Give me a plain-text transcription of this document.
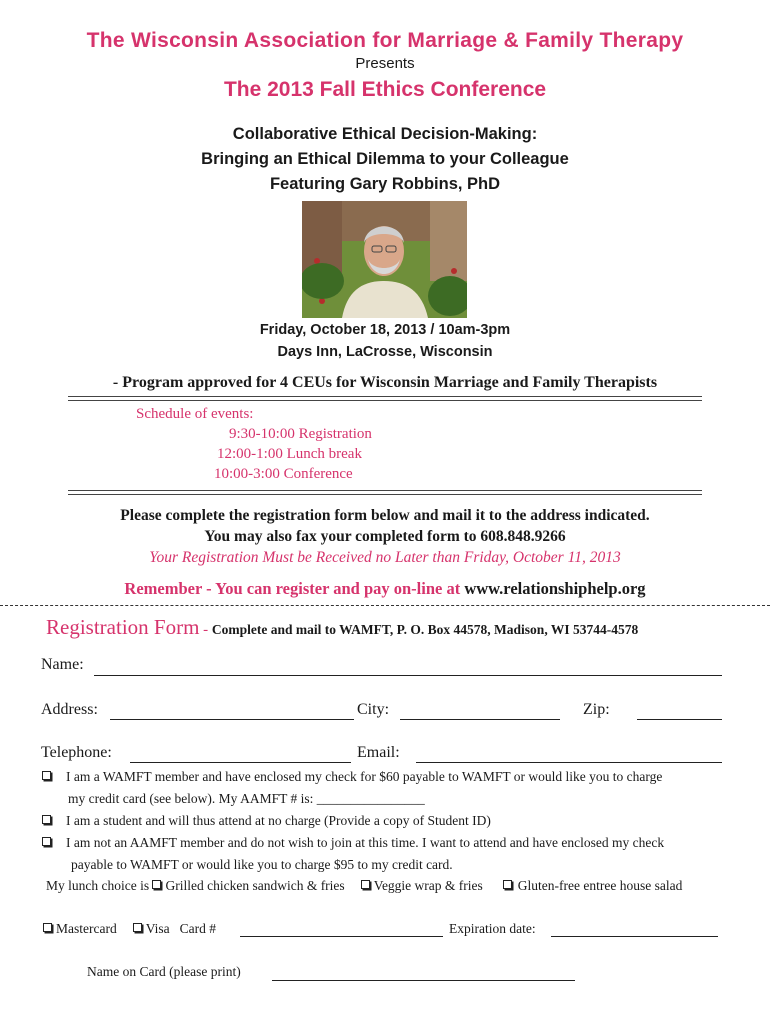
The Wisconsin Association for Marriage & Family Therapy
Presents
The 2013 Fall Ethics Conference
Collaborative Ethical Decision-Making:
Bringing an Ethical Dilemma to your Colleague
Featuring Gary Robbins, PhD
Friday, October 18, 2013 / 10am-3pm
Days Inn, LaCrosse, Wisconsin
- Program approved for 4 CEUs for Wisconsin Marriage and Family Therapists
Schedule of events:
9:30-10:00 Registration
12:00-1:00 Lunch break
10:00-3:00 Conference
Please complete the registration form below and mail it to the address indicated.
You may also fax your completed form to 608.848.9266
Your Registration Must be Received no Later than Friday, October 11, 2013
Remember - You can register and pay on-line at www.relationshiphelp.org
Registration Form - Complete and mail to WAMFT, P. O. Box 44578, Madison, WI 53744-4578
Name:
Address:	City:	Zip:
Telephone:	Email:
I am a WAMFT member and have enclosed my check for $60 payable to WAMFT or would like you to charge
my credit card (see below). My AAMFT # is: ________________
I am a student and will thus attend at no charge (Provide a copy of Student ID)
I am not an AAMFT member and do not wish to join at this time. I want to attend and have enclosed my check
payable to WAMFT or would like you to charge $95 to my credit card.
My lunch choice is Grilled chicken sandwich & fries Veggie wrap & fries	Gluten-free entree house salad
Mastercard Visa Card #	Expiration date:
Name on Card (please print)
